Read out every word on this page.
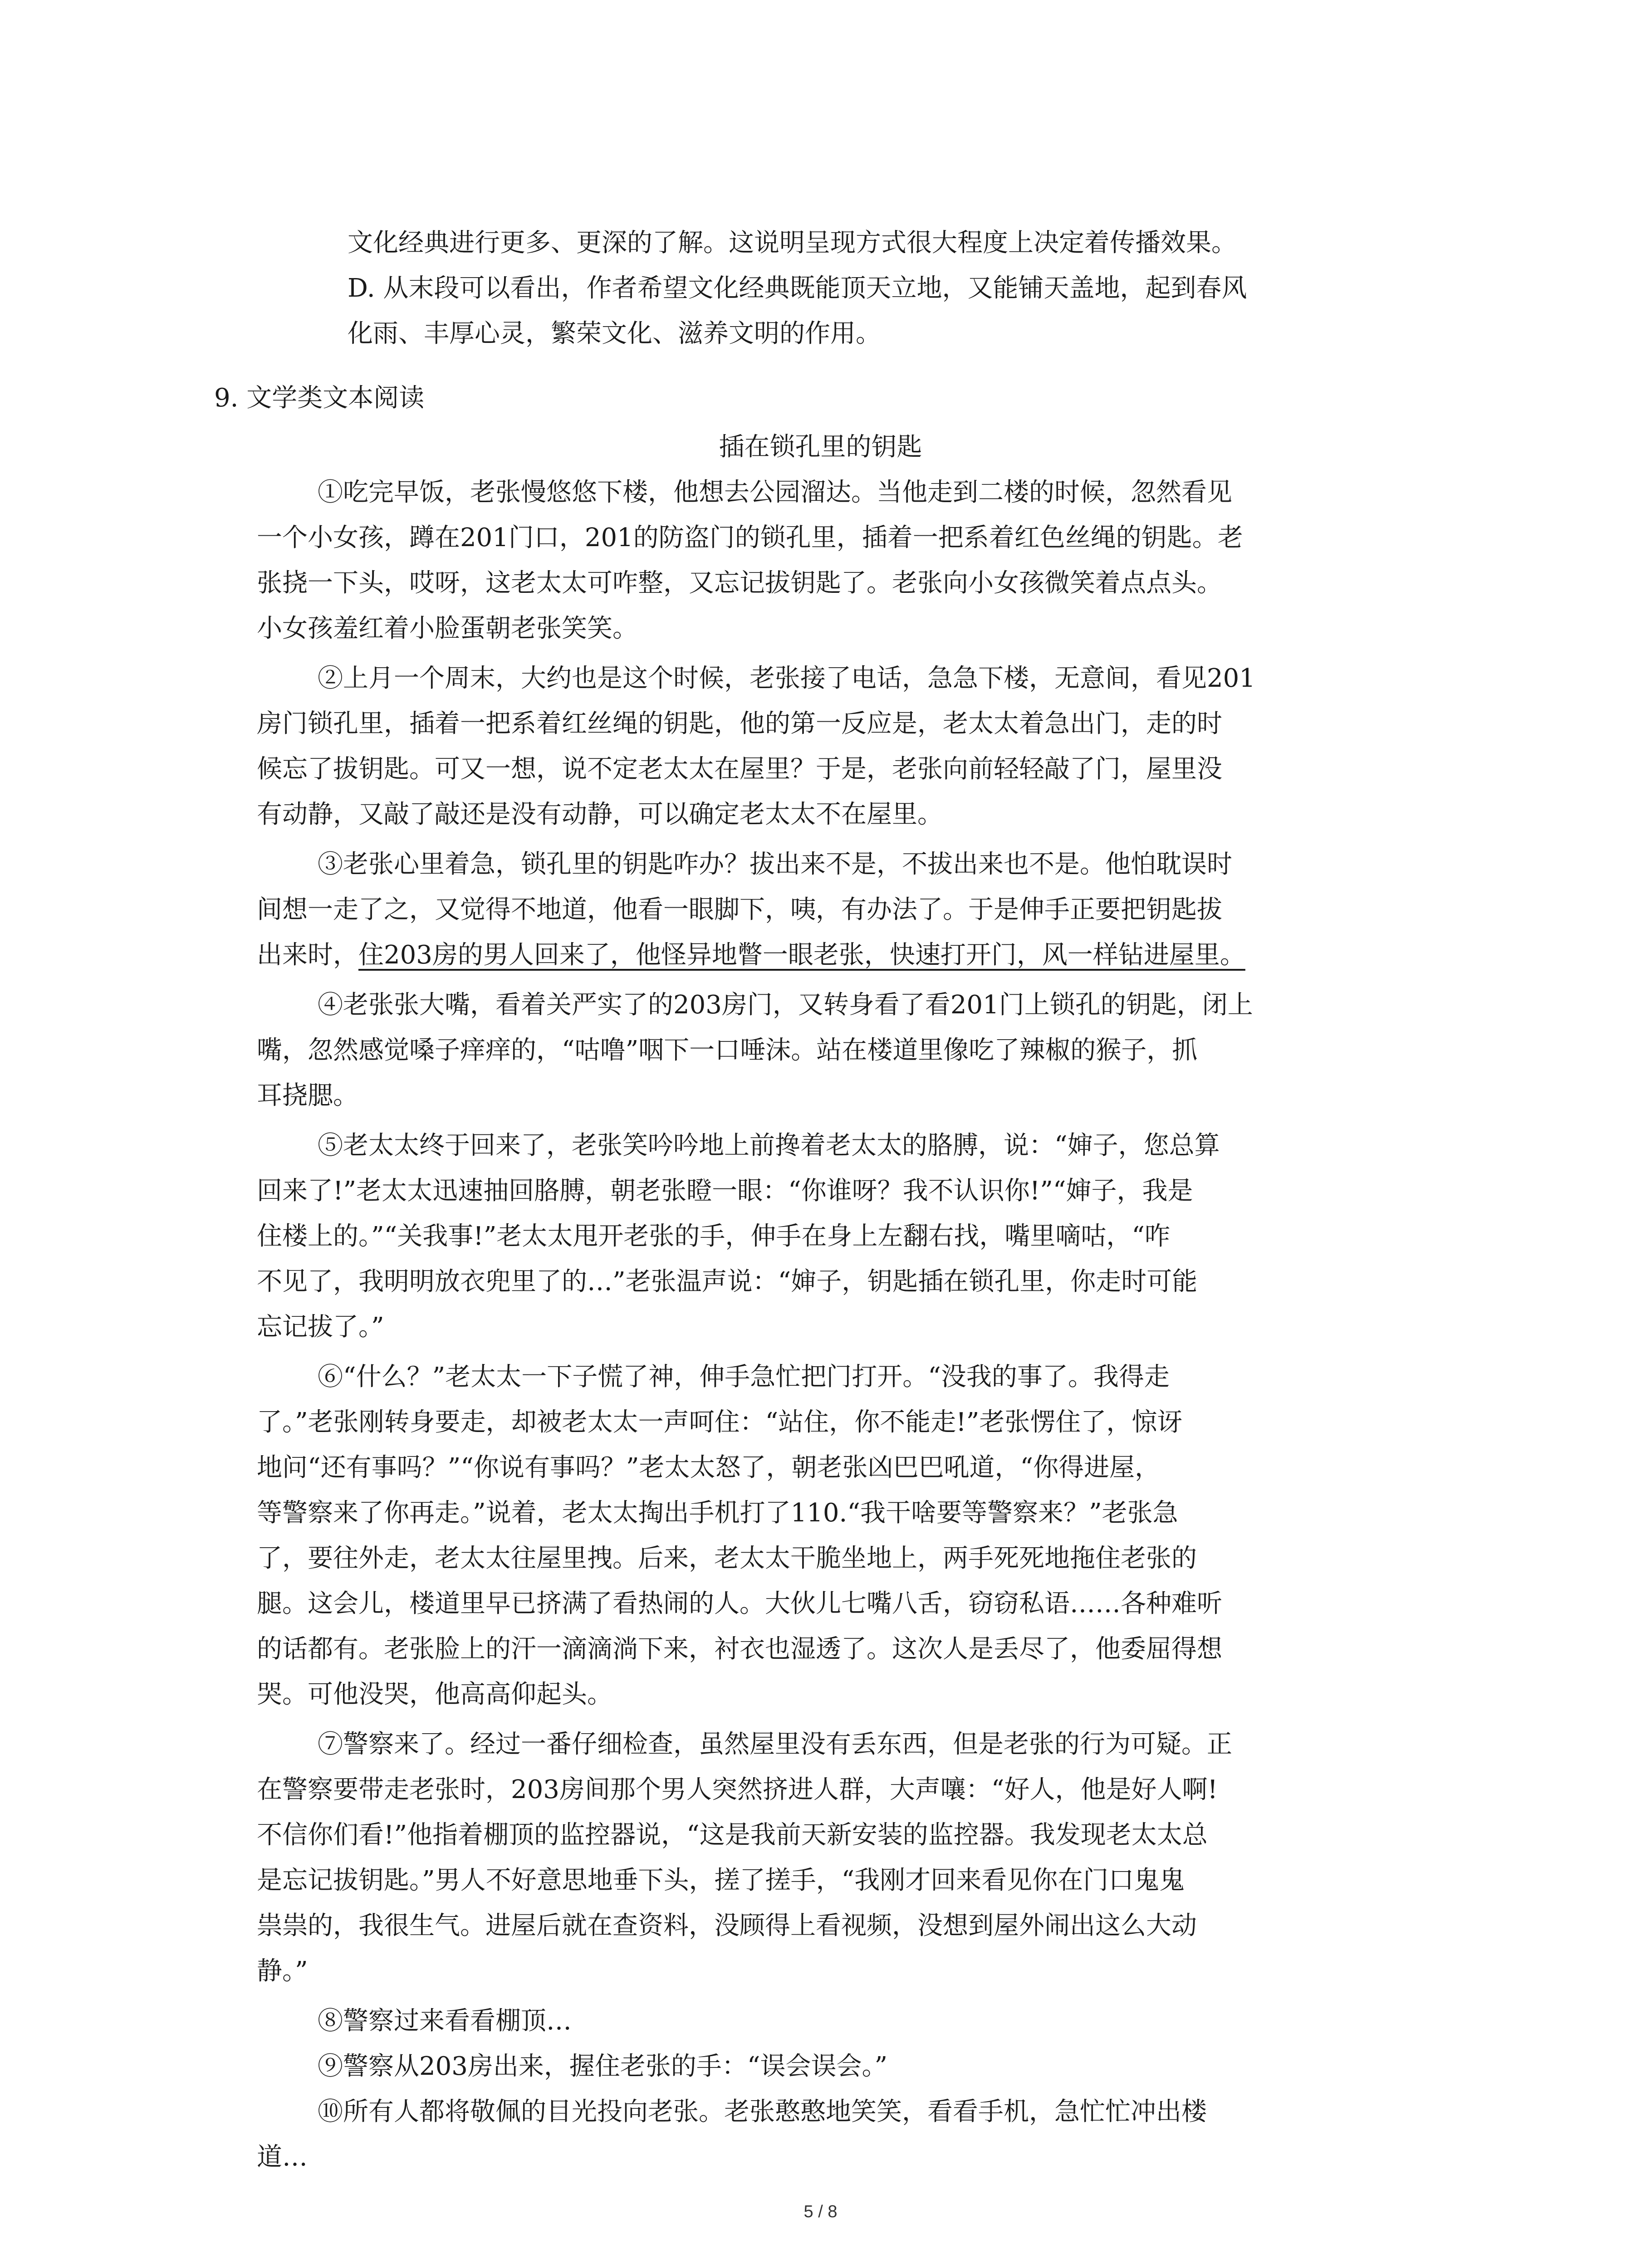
文化经典进行更多、更深的了解。这说明呈现方式很大程度上决定着传播效果。
D. 从末段可以看出，作者希望文化经典既能顶天立地，又能铺天盖地，起到春风
化雨、丰厚心灵，繁荣文化、滋养文明的作用。
9. 文学类文本阅读
插在锁孔里的钥匙
①吃完早饭，老张慢悠悠下楼，他想去公园溜达。当他走到二楼的时候，忽然看见
一个小女孩，蹲在201门口，201的防盗门的锁孔里，插着一把系着红色丝绳的钥匙。老
张挠一下头，哎呀，这老太太可咋整，又忘记拔钥匙了。老张向小女孩微笑着点点头。
小女孩羞红着小脸蛋朝老张笑笑。
②上月一个周末，大约也是这个时候，老张接了电话，急急下楼，无意间，看见201
房门锁孔里，插着一把系着红丝绳的钥匙，他的第一反应是，老太太着急出门，走的时
候忘了拔钥匙。可又一想，说不定老太太在屋里？于是，老张向前轻轻敲了门，屋里没
有动静，又敲了敲还是没有动静，可以确定老太太不在屋里。
③老张心里着急，锁孔里的钥匙咋办？拔出来不是，不拔出来也不是。他怕耽误时
间想一走了之，又觉得不地道，他看一眼脚下，咦，有办法了。于是伸手正要把钥匙拔
出来时，住203房的男人回来了，他怪异地瞥一眼老张，快速打开门，风一样钻进屋里。
④老张张大嘴，看着关严实了的203房门，又转身看了看201门上锁孔的钥匙，闭上
嘴，忽然感觉嗓子痒痒的，“咕噜”咽下一口唾沫。站在楼道里像吃了辣椒的猴子，抓
耳挠腮。
⑤老太太终于回来了，老张笑吟吟地上前搀着老太太的胳膊，说：“婶子，您总算
回来了!”老太太迅速抽回胳膊，朝老张瞪一眼：“你谁呀？我不认识你!”“婶子，我是
住楼上的。”“关我事!”老太太甩开老张的手，伸手在身上左翻右找，嘴里嘀咕，“咋
不见了，我明明放衣兜里了的…”老张温声说：“婶子，钥匙插在锁孔里，你走时可能
忘记拔了。”
⑥“什么？”老太太一下子慌了神，伸手急忙把门打开。“没我的事了。我得走
了。”老张刚转身要走，却被老太太一声呵住：“站住，你不能走!”老张愣住了，惊讶
地问“还有事吗？”“你说有事吗？”老太太怒了，朝老张凶巴巴吼道，“你得进屋，
等警察来了你再走。”说着，老太太掏出手机打了110.“我干啥要等警察来？”老张急
了，要往外走，老太太往屋里拽。后来，老太太干脆坐地上，两手死死地拖住老张的
腿。这会儿，楼道里早已挤满了看热闹的人。大伙儿七嘴八舌，窃窃私语……各种难听
的话都有。老张脸上的汗一滴滴淌下来，衬衣也湿透了。这次人是丢尽了，他委屈得想
哭。可他没哭，他高高仰起头。
⑦警察来了。经过一番仔细检查，虽然屋里没有丢东西，但是老张的行为可疑。正
在警察要带走老张时，203房间那个男人突然挤进人群，大声嚷：“好人，他是好人啊!
不信你们看!”他指着棚顶的监控器说，“这是我前天新安装的监控器。我发现老太太总
是忘记拔钥匙。”男人不好意思地垂下头，搓了搓手，“我刚才回来看见你在门口鬼鬼
祟祟的，我很生气。进屋后就在查资料，没顾得上看视频，没想到屋外闹出这么大动
静。”
⑧警察过来看看棚顶…
⑨警察从203房出来，握住老张的手：“误会误会。”
⑩所有人都将敬佩的目光投向老张。老张憨憨地笑笑，看看手机，急忙忙冲出楼
道…
5 / 8
